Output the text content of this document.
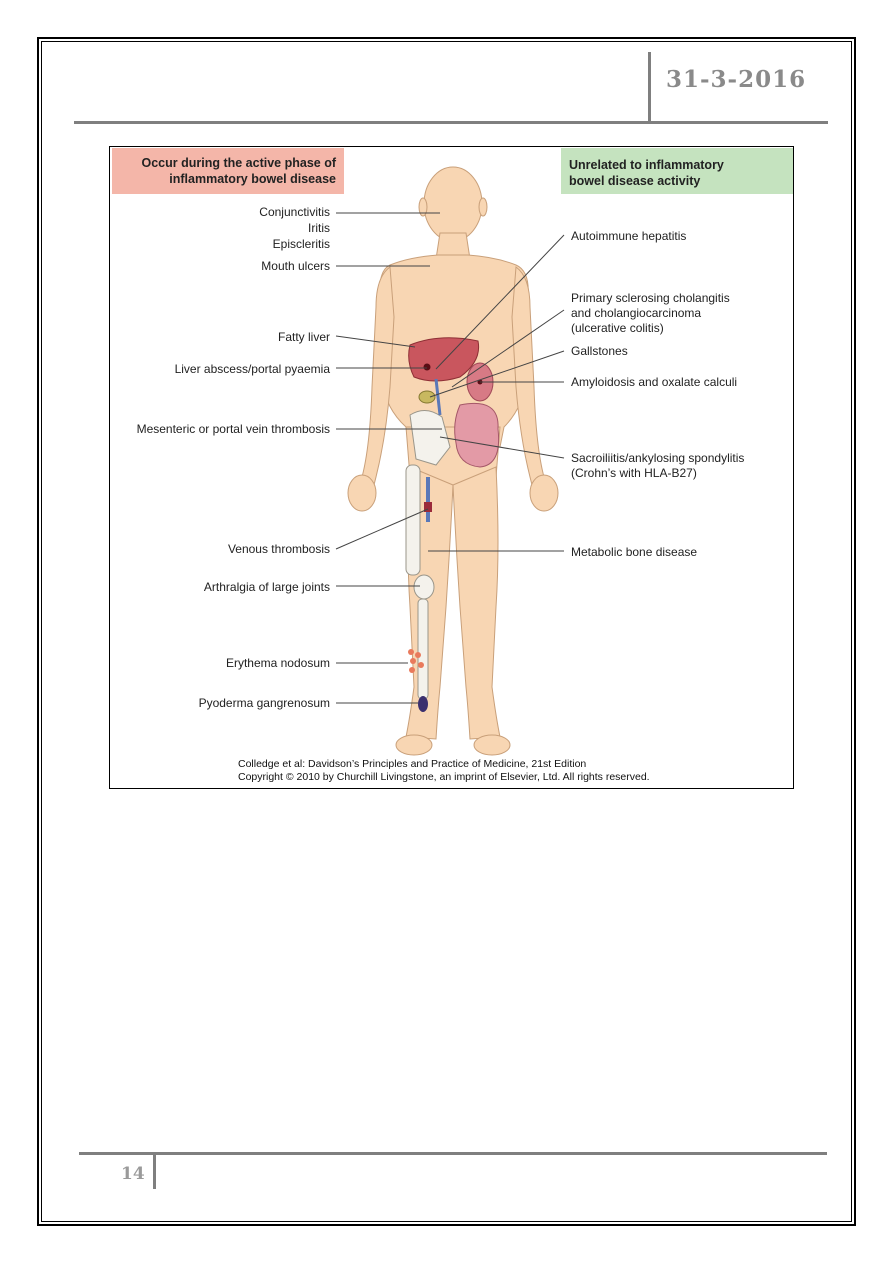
31-3-2016
Occur during the active phase of
inflammatory bowel disease
Unrelated to inflammatory
bowel disease activity
Conjunctivitis
Iritis
Episcleritis
Mouth ulcers
Fatty liver
Liver abscess/portal pyaemia
Mesenteric or portal vein thrombosis
Venous thrombosis
Arthralgia of large joints
Erythema nodosum
Pyoderma gangrenosum
Autoimmune hepatitis
Primary sclerosing cholangitis
and cholangiocarcinoma
(ulcerative colitis)
Gallstones
Amyloidosis and oxalate calculi
Sacroiliitis/ankylosing spondylitis
(Crohn’s with HLA-B27)
Metabolic bone disease
Colledge et al: Davidson’s Principles and Practice of Medicine, 21st Edition
Copyright © 2010 by Churchill Livingstone, an imprint of Elsevier, Ltd. All rights reserved.
14
